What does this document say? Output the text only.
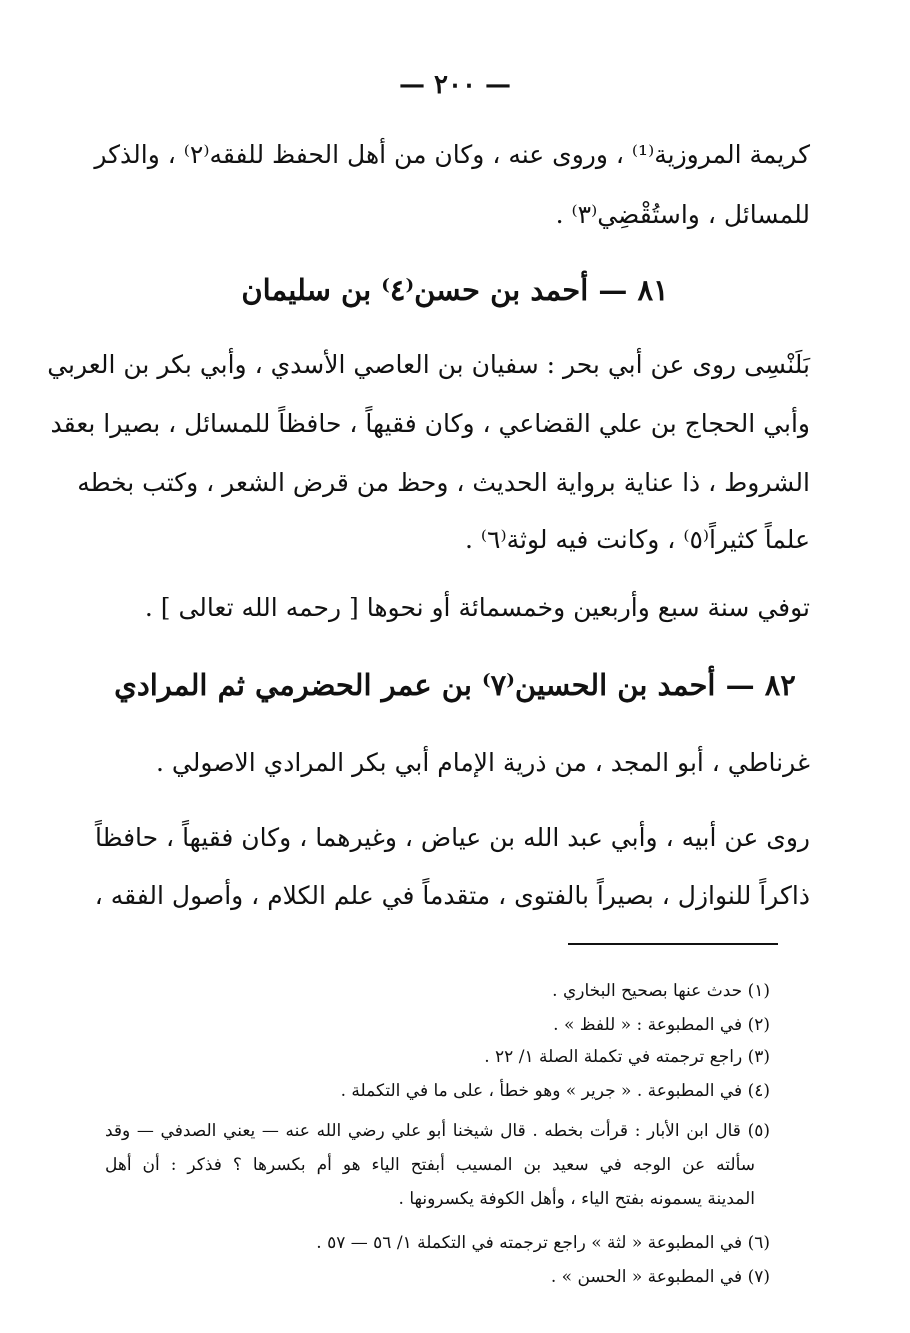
— ٢٠٠ —
كريمة المروزية⁽¹⁾ ، وروى عنه ، وكان من أهل الحفظ للفقه⁽٢⁾ ، والذكر
للمسائل ، واستُقْضِي⁽٣⁾ .
٨١ — أحمد بن حسن⁽٤⁾ بن سليمان
بَلَنْسِى روى عن أبي بحر : سفيان بن العاصي الأسدي ، وأبي بكر بن العربي
وأبي الحجاج بن علي القضاعي ، وكان فقيهاً ، حافظاً للمسائل ، بصيرا بعقد
الشروط ، ذا عناية برواية الحديث ، وحظ من قرض الشعر ، وكتب بخطه
علماً كثيراً⁽٥⁾ ، وكانت فيه لوثة⁽٦⁾ .
توفي سنة سبع وأربعين وخمسمائة أو نحوها [ رحمه الله تعالى ] .
٨٢ — أحمد بن الحسين⁽٧⁾ بن عمر الحضرمي ثم المرادي
غرناطي ، أبو المجد ، من ذرية الإمام أبي بكر المرادي الاصولي .
روى عن أبيه ، وأبي عبد الله بن عياض ، وغيرهما ، وكان فقيهاً ، حافظاً
ذاكراً للنوازل ، بصيراً بالفتوى ، متقدماً في علم الكلام ، وأصول الفقه ،
(١) حدث عنها بصحيح البخاري .
(٢) في المطبوعة : « للفظ » .
(٣) راجع ترجمته في تكملة الصلة ١/ ٢٢ .
(٤) في المطبوعة . « جرير » وهو خطأ ، على ما في التكملة .
(٥) قال ابن الأبار : قرأت بخطه . قال شيخنا أبو علي رضي الله عنه — يعني الصدفي — وقد
سألته عن الوجه في سعيد بن المسيب أبفتح الياء هو أم بكسرها ؟ فذكر : أن أهل
المدينة يسمونه بفتح الياء ، وأهل الكوفة يكسرونها .
(٦) في المطبوعة « لثة » راجع ترجمته في التكملة ١/ ٥٦ — ٥٧ .
(٧) في المطبوعة « الحسن » .
